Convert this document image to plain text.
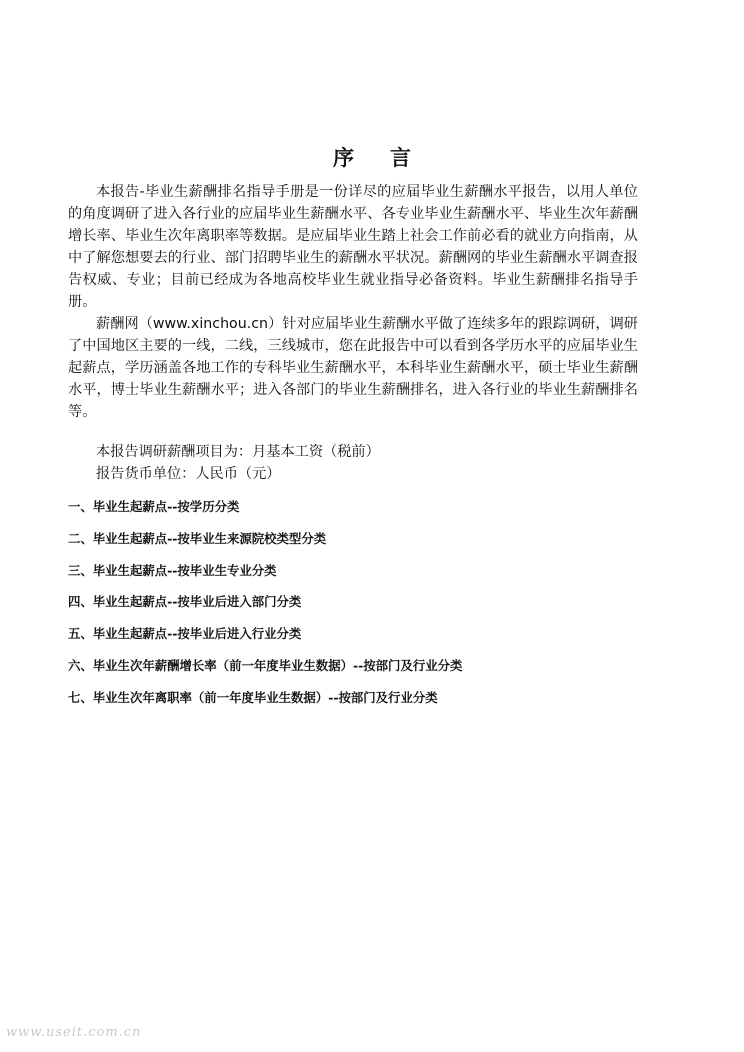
序 言

本报告-毕业生薪酬排名指导手册是一份详尽的应届毕业生薪酬水平报告，以用人单位的角度调研了进入各行业的应届毕业生薪酬水平、各专业毕业生薪酬水平、毕业生次年薪酬增长率、毕业生次年离职率等数据。是应届毕业生踏上社会工作前必看的就业方向指南，从中了解您想要去的行业、部门招聘毕业生的薪酬水平状况。薪酬网的毕业生薪酬水平调查报告权威、专业；目前已经成为各地高校毕业生就业指导必备资料。毕业生薪酬排名指导手册。

薪酬网（www.xinchou.cn）针对应届毕业生薪酬水平做了连续多年的跟踪调研，调研了中国地区主要的一线，二线，三线城市，您在此报告中可以看到各学历水平的应届毕业生起薪点，学历涵盖各地工作的专科毕业生薪酬水平，本科毕业生薪酬水平，硕士毕业生薪酬水平，博士毕业生薪酬水平；进入各部门的毕业生薪酬排名，进入各行业的毕业生薪酬排名等。

本报告调研薪酬项目为：月基本工资（税前）
报告货币单位：人民币（元）
一、毕业生起薪点--按学历分类
二、毕业生起薪点--按毕业生来源院校类型分类
三、毕业生起薪点--按毕业生专业分类
四、毕业生起薪点--按毕业后进入部门分类
五、毕业生起薪点--按毕业后进入行业分类
六、毕业生次年薪酬增长率（前一年度毕业生数据）--按部门及行业分类
七、毕业生次年离职率（前一年度毕业生数据）--按部门及行业分类
www.useit.com.cn
